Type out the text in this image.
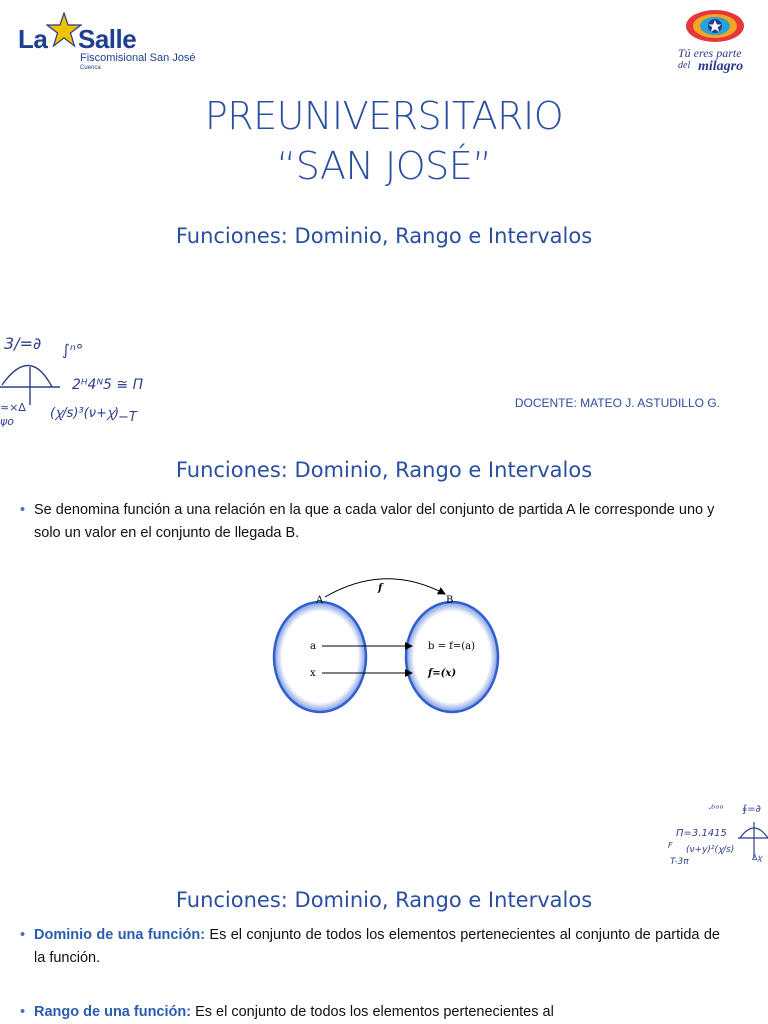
La Salle
Fiscomisional San José
Cuenca
Tú eres parte
del milagro
PREUNIVERSITARIO
“SAN JOSÉ”
Funciones: Dominio, Rango e Intervalos
3/=∂ ∫ⁿ°
2ᴴ4ᴺ5 ≅ Π
≈×∆
ψο
(ꭓ/s)³(ν+ꭓ)
−T
DOCENTE: MATEO J. ASTUDILLO G.
Funciones: Dominio, Rango e Intervalos
• Se denomina función a una relación en la que a cada valor del conjunto de partida A le corresponde uno y solo un valor en el conjunto de llegada B.
A	B
f
a
x
b = f=(a)
f=(x)
·ᵇᵒᵒ ∮=∂
Π=3.1415
F (ν+y)²(ꭓ/s)
T-3π	∆ꭓ
Funciones: Dominio, Rango e Intervalos
• Dominio de una función: Es el conjunto de todos los elementos pertenecientes al conjunto de partida de la función.
• Rango de una función: Es el conjunto de todos los elementos pertenecientes al
